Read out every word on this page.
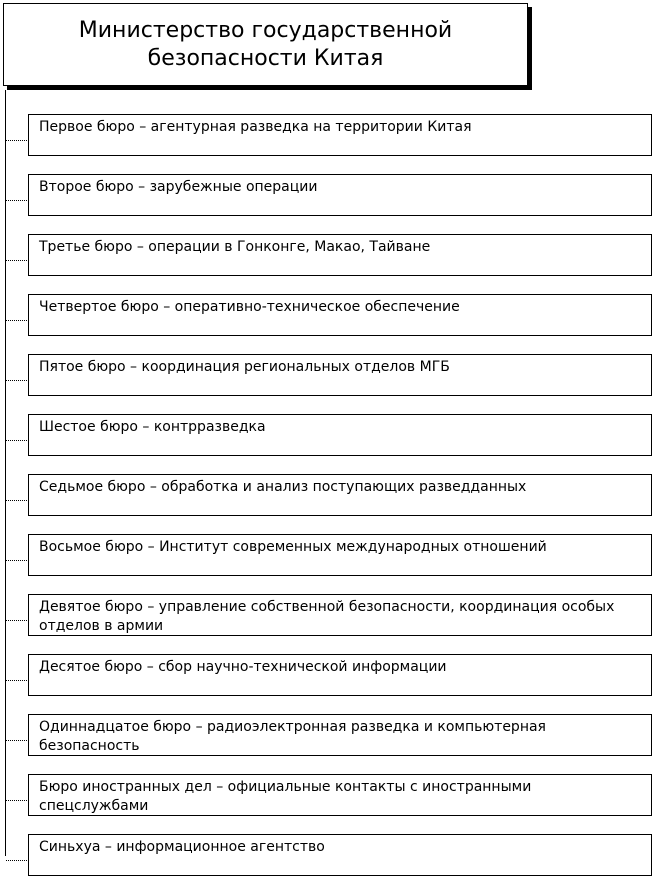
Министерство государственной
безопасности Китая
Первое бюро – агентурная разведка на территории Китая
Второе бюро – зарубежные операции
Третье бюро – операции в Гонконге, Макао, Тайване
Четвертое бюро – оперативно-техническое обеспечение
Пятое бюро – координация региональных отделов МГБ
Шестое бюро – контрразведка
Седьмое бюро – обработка и анализ поступающих разведданных
Восьмое бюро – Институт современных международных отношений
Девятое бюро – управление собственной безопасности, координация особых отделов в армии
Десятое бюро – сбор научно-технической информации
Одиннадцатое бюро – радиоэлектронная разведка и компьютерная безопасность
Бюро иностранных дел – официальные контакты с иностранными спецслужбами
Синьхуа – информационное агентство
